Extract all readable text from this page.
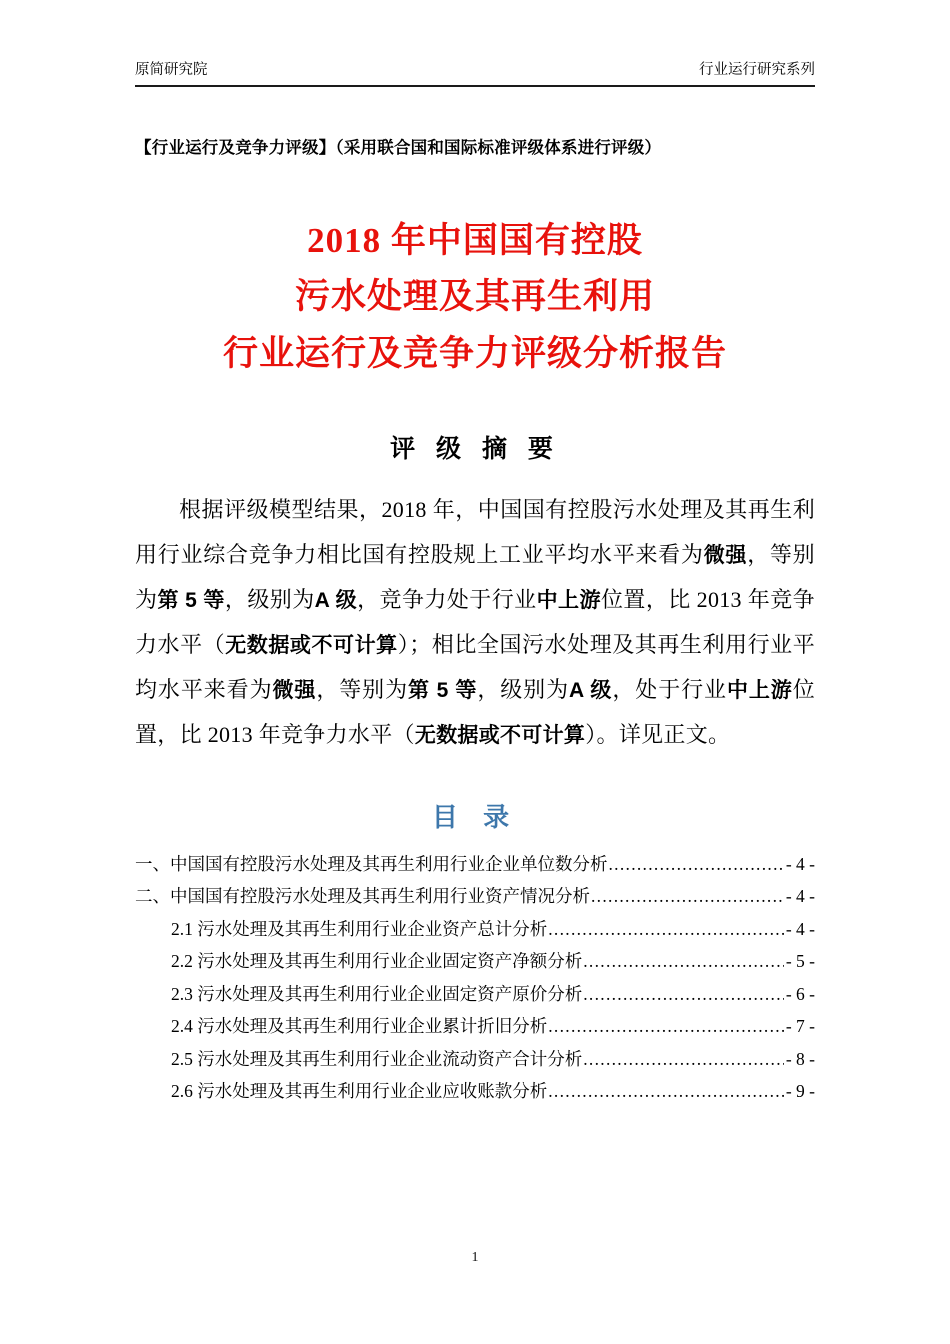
原简研究院	行业运行研究系列
【行业运行及竞争力评级】（采用联合国和国际标准评级体系进行评级）
2018 年中国国有控股
污水处理及其再生利用
行业运行及竞争力评级分析报告
评 级 摘 要

根据评级模型结果，2018 年，中国国有控股污水处理及其再生利用行业综合竞争力相比国有控股规上工业平均水平来看为微强，等别为第 5 等，级别为A 级，竞争力处于行业中上游位置，比 2013 年竞争力水平（无数据或不可计算）；相比全国污水处理及其再生利用行业平均水平来看为微强，等别为第 5 等，级别为A 级，处于行业中上游位置，比 2013 年竞争力水平（无数据或不可计算）。详见正文。

目 录
一、中国国有控股污水处理及其再生利用行业企业单位数分析 .....	- 4 -
二、中国国有控股污水处理及其再生利用行业资产情况分析 .....	- 4 -
2.1 污水处理及其再生利用行业企业资产总计分析 .....	- 4 -
2.2 污水处理及其再生利用行业企业固定资产净额分析 .....	- 5 -
2.3 污水处理及其再生利用行业企业固定资产原价分析 .....	- 6 -
2.4 污水处理及其再生利用行业企业累计折旧分析 .....	- 7 -
2.5 污水处理及其再生利用行业企业流动资产合计分析 .....	- 8 -
2.6 污水处理及其再生利用行业企业应收账款分析 .....	- 9 -
1
